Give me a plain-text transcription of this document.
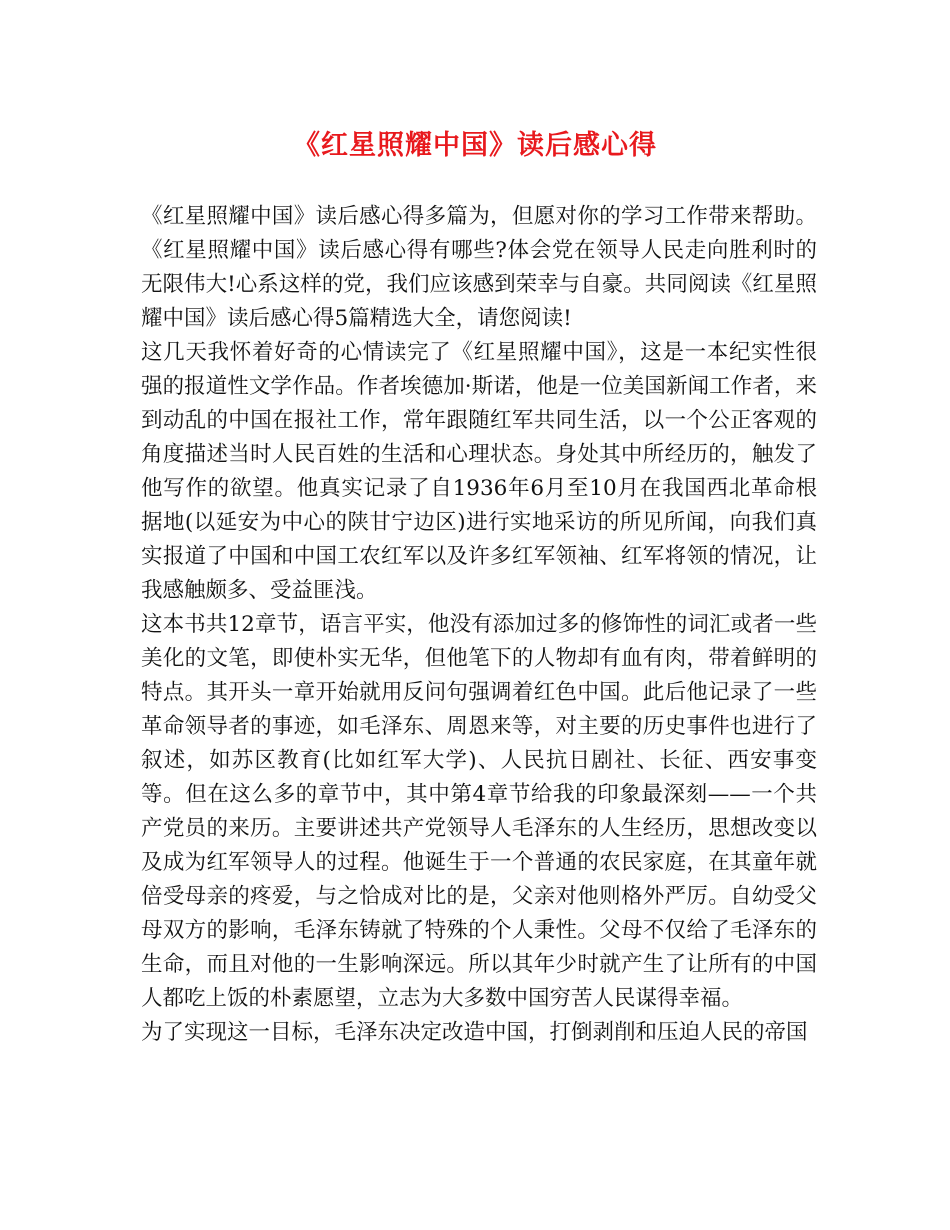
《红星照耀中国》读后感心得

《红星照耀中国》读后感心得多篇为，但愿对你的学习工作带来帮助。《红星照耀中国》读后感心得有哪些?体会党在领导人民走向胜利时的无限伟大!心系这样的党，我们应该感到荣幸与自豪。共同阅读《红星照耀中国》读后感心得5篇精选大全，请您阅读!

这几天我怀着好奇的心情读完了《红星照耀中国》，这是一本纪实性很强的报道性文学作品。作者埃德加·斯诺，他是一位美国新闻工作者，来到动乱的中国在报社工作，常年跟随红军共同生活，以一个公正客观的角度描述当时人民百姓的生活和心理状态。身处其中所经历的，触发了他写作的欲望。他真实记录了自1936年6月至10月在我国西北革命根据地(以延安为中心的陕甘宁边区)进行实地采访的所见所闻，向我们真实报道了中国和中国工农红军以及许多红军领袖、红军将领的情况，让我感触颇多、受益匪浅。

这本书共12章节，语言平实，他没有添加过多的修饰性的词汇或者一些美化的文笔，即使朴实无华，但他笔下的人物却有血有肉，带着鲜明的特点。其开头一章开始就用反问句强调着红色中国。此后他记录了一些革命领导者的事迹，如毛泽东、周恩来等，对主要的历史事件也进行了叙述，如苏区教育(比如红军大学)、人民抗日剧社、长征、西安事变等。但在这么多的章节中，其中第4章节给我的印象最深刻——一个共产党员的来历。主要讲述共产党领导人毛泽东的人生经历，思想改变以及成为红军领导人的过程。他诞生于一个普通的农民家庭，在其童年就倍受母亲的疼爱，与之恰成对比的是，父亲对他则格外严厉。自幼受父母双方的影响，毛泽东铸就了特殊的个人秉性。父母不仅给了毛泽东的生命，而且对他的一生影响深远。所以其年少时就产生了让所有的中国人都吃上饭的朴素愿望，立志为大多数中国穷苦人民谋得幸福。

为了实现这一目标，毛泽东决定改造中国，打倒剥削和压迫人民的帝国
